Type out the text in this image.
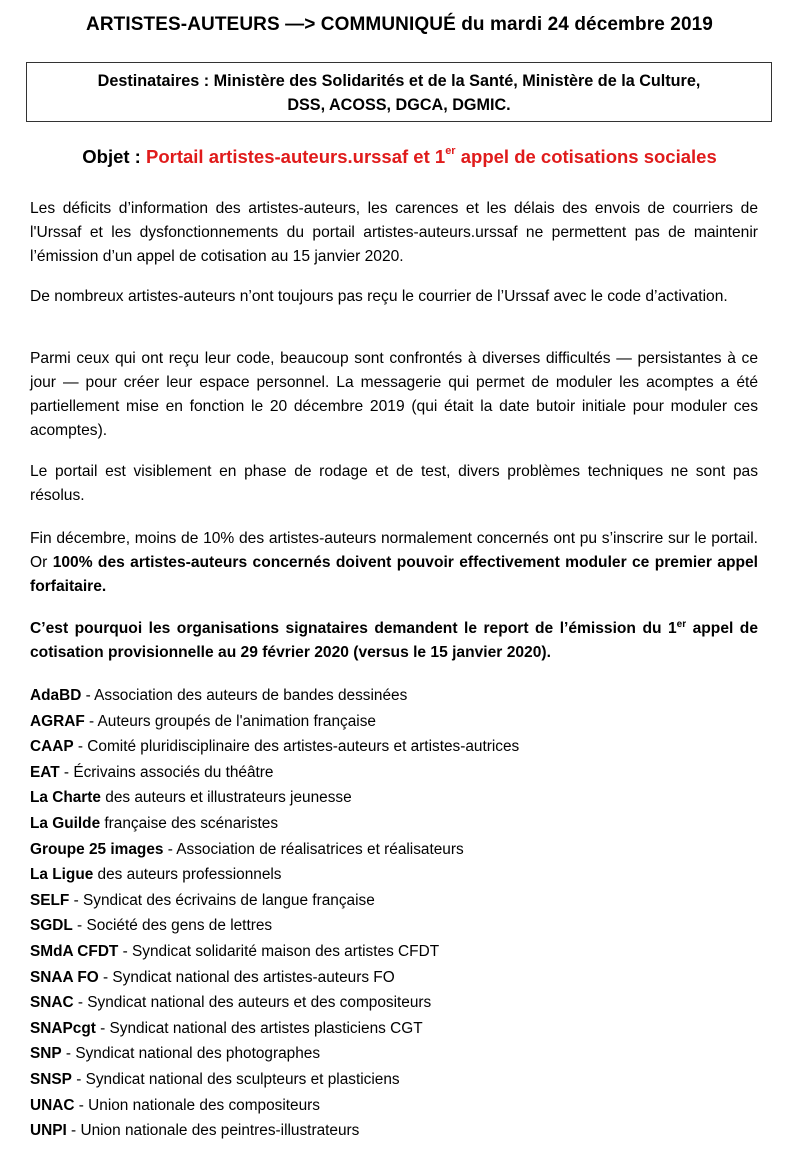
ARTISTES-AUTEURS —> COMMUNIQUÉ du mardi 24 décembre 2019
Destinataires : Ministère des Solidarités et de la Santé, Ministère de la Culture,
DSS, ACOSS, DGCA, DGMIC.
Objet : Portail artistes-auteurs.urssaf et 1er appel de cotisations sociales

Les déficits d’information des artistes-auteurs, les carences et les délais des envois de courriers de l'Urssaf et les dysfonctionnements du portail artistes-auteurs.urssaf ne permettent pas de maintenir l’émission d’un appel de cotisation au 15 janvier 2020.

De nombreux artistes-auteurs n’ont toujours pas reçu le courrier de l’Urssaf avec le code d’activation.

Parmi ceux qui ont reçu leur code, beaucoup sont confrontés à diverses difficultés — persistantes à ce jour — pour créer leur espace personnel. La messagerie qui permet de moduler les acomptes a été partiellement mise en fonction le 20 décembre 2019 (qui était la date butoir initiale pour moduler ces acomptes).

Le portail est visiblement en phase de rodage et de test, divers problèmes techniques ne sont pas résolus.

Fin décembre, moins de 10% des artistes-auteurs normalement concernés ont pu s’inscrire sur le portail. Or 100% des artistes-auteurs concernés doivent pouvoir effectivement moduler ce premier appel forfaitaire.

C’est pourquoi les organisations signataires demandent le report de l’émission du 1er appel de cotisation provisionnelle au 29 février 2020 (versus le 15 janvier 2020).

AdaBD - Association des auteurs de bandes dessinées
AGRAF - Auteurs groupés de l'animation française
CAAP - Comité pluridisciplinaire des artistes-auteurs et artistes-autrices
EAT - Écrivains associés du théâtre
La Charte des auteurs et illustrateurs jeunesse
La Guilde française des scénaristes
Groupe 25 images - Association de réalisatrices et réalisateurs
La Ligue des auteurs professionnels
SELF - Syndicat des écrivains de langue française
SGDL - Société des gens de lettres
SMdA CFDT - Syndicat solidarité maison des artistes CFDT
SNAA FO - Syndicat national des artistes-auteurs FO
SNAC - Syndicat national des auteurs et des compositeurs
SNAPcgt - Syndicat national des artistes plasticiens CGT
SNP - Syndicat national des photographes
SNSP - Syndicat national des sculpteurs et plasticiens
UNAC - Union nationale des compositeurs
UNPI - Union nationale des peintres-illustrateurs
